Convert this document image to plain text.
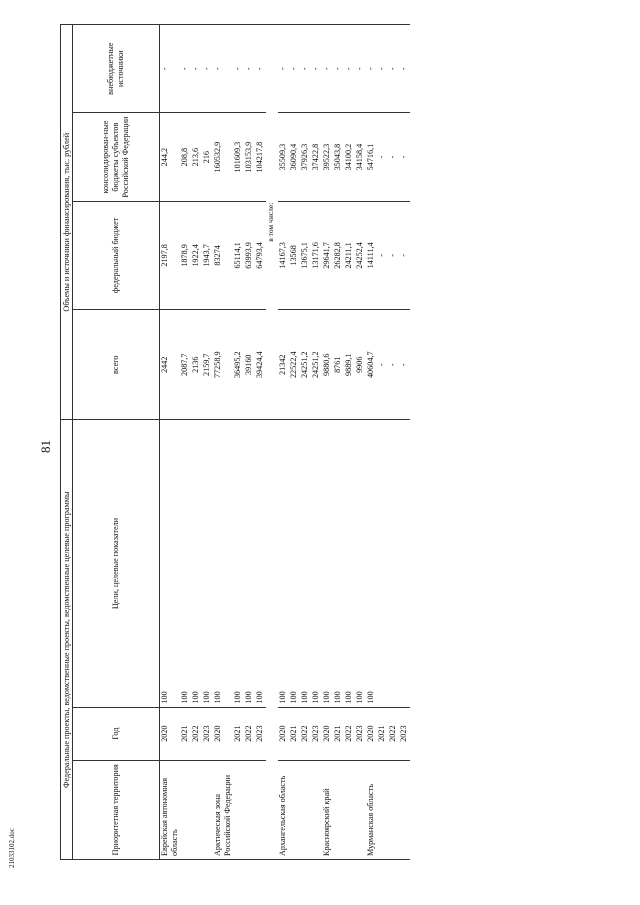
81
21033102.doc
Федеральные проекты, ведомственные проекты, ведомственные целевые программы			Объемы и источники финансирования, тыс. рублей			
Приоритетная территория	Год	Цели, целевые показатели	всего	федеральный бюджет	консолидирован-ные бюджеты субъектов Российской Федерации	внебюджетные источники
Еврейская автономная область	2020	100	2442	2197,8	244,2	-
	2021	100	2087,7	1878,9	208,8	-
	2022	100	2136	1922,4	213,6	-
	2023	100	2159,7	1943,7	216	-
Арктическая зона Российской Федерации	2020	100	77258,9	83274	160532,9	-
	2021	100	36495,2	65114,1	101609,3	-
	2022	100	39160	63993,9	103153,9	-
	2023	100	39424,4	64793,4	104217,8	-
			в том числе:			
Архангельская область	2020	100	21342	14167,3	35509,3	-
	2021	100	22522,4	13568	36090,4	-
	2022	100	24251,2	13675,1	37926,3	-
	2023	100	24251,2	13171,6	37422,8	-
Красноярский край	2020	100	9880,6	29641,7	39522,3	-
	2021	100	8761	26282,8	35043,8	-
	2022	100	9889,1	24211,1	34100,2	-
	2023	100	9906	24252,4	34158,4	-
Мурманская область	2020	100	40604,7	14111,4	54716,1	-
	2021		-	-	-	-
	2022		-	-	-	-
	2023		-	-	-	-
